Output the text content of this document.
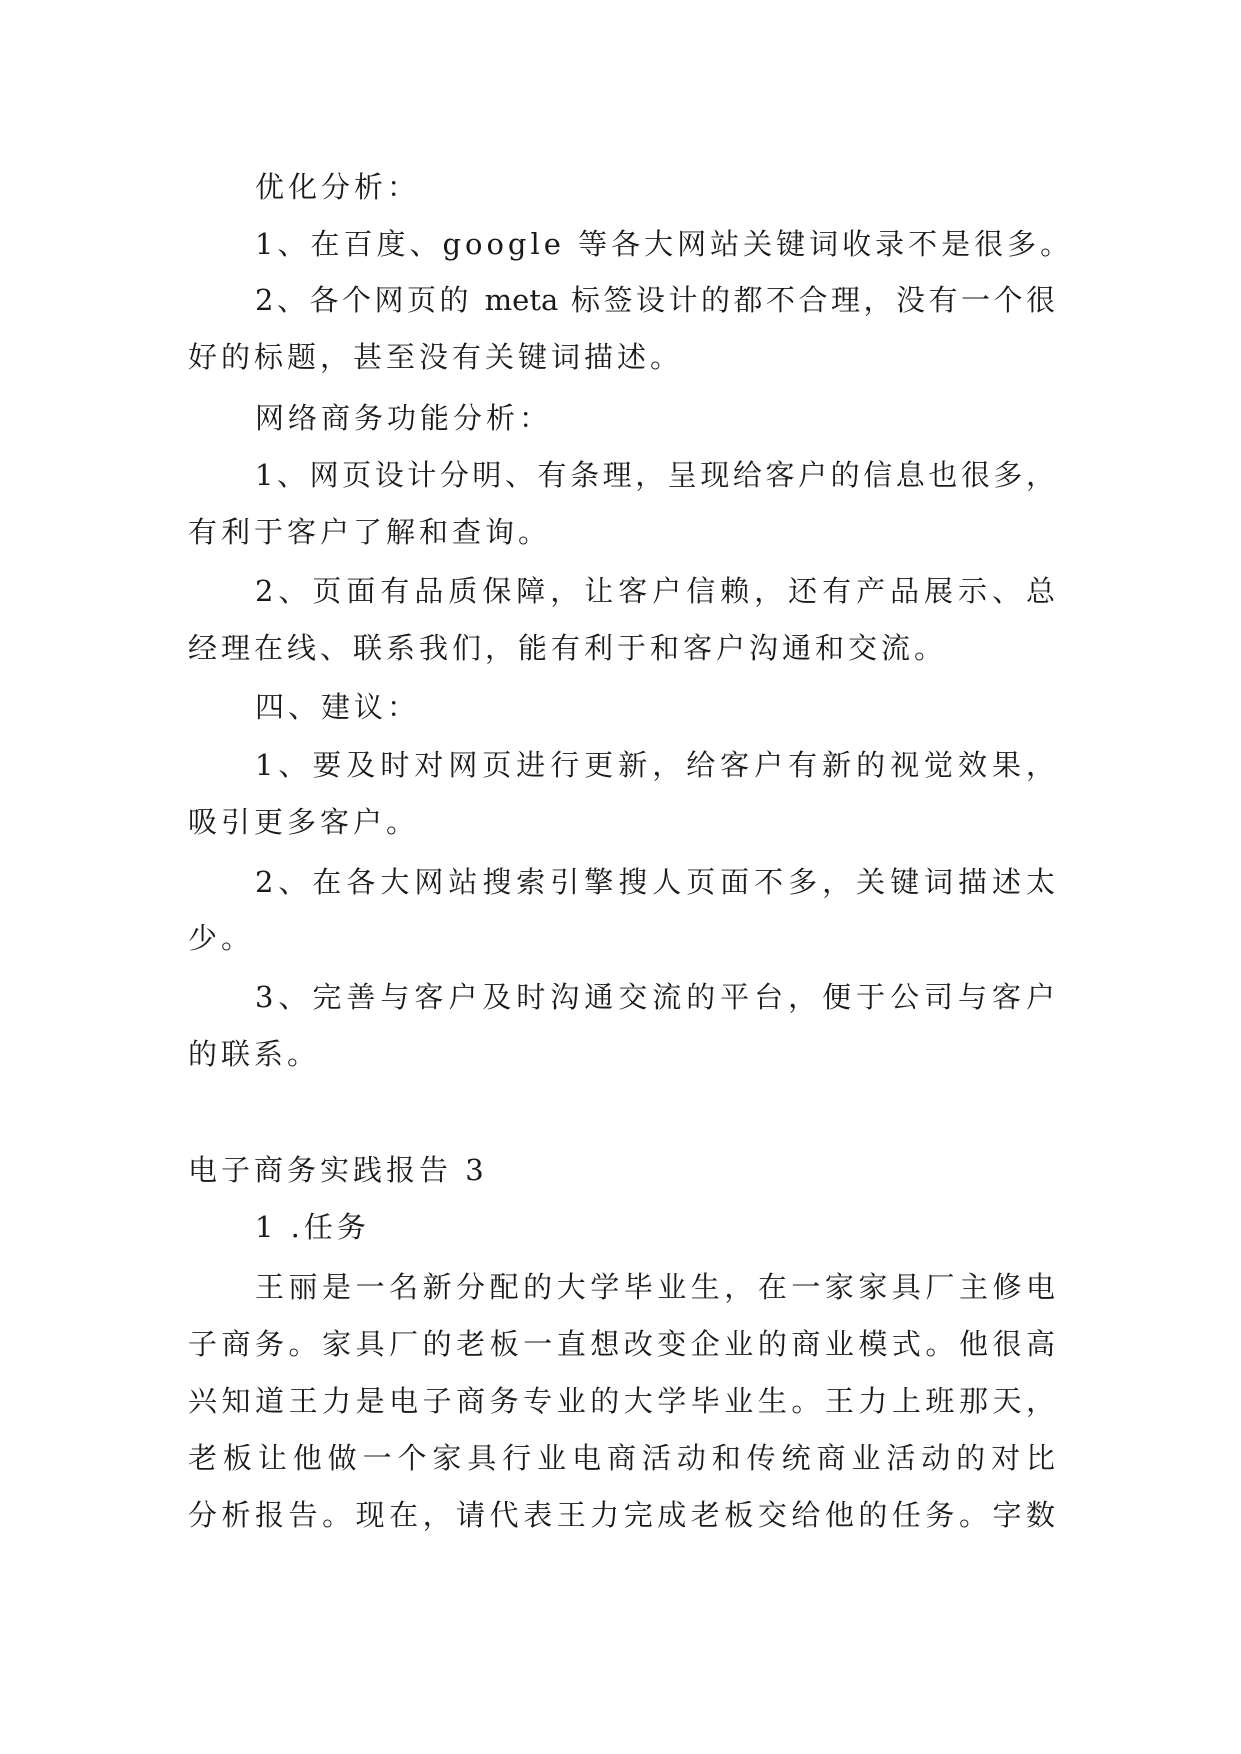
优化分析：
1、在百度、google 等各大网站关键词收录不是很多。
2、各个网页的 meta 标签设计的都不合理，没有一个很
好的标题，甚至没有关键词描述。
网络商务功能分析：
1、网页设计分明、有条理，呈现给客户的信息也很多，
有利于客户了解和查询。
2、页面有品质保障，让客户信赖，还有产品展示、总
经理在线、联系我们，能有利于和客户沟通和交流。
四、建议：
1、要及时对网页进行更新，给客户有新的视觉效果，
吸引更多客户。
2、在各大网站搜索引擎搜人页面不多，关键词描述太
少。
3、完善与客户及时沟通交流的平台，便于公司与客户
的联系。
电子商务实践报告 3
1 .任务
王丽是一名新分配的大学毕业生，在一家家具厂主修电
子商务。家具厂的老板一直想改变企业的商业模式。他很高
兴知道王力是电子商务专业的大学毕业生。王力上班那天，
老板让他做一个家具行业电商活动和传统商业活动的对比
分析报告。现在，请代表王力完成老板交给他的任务。字数
